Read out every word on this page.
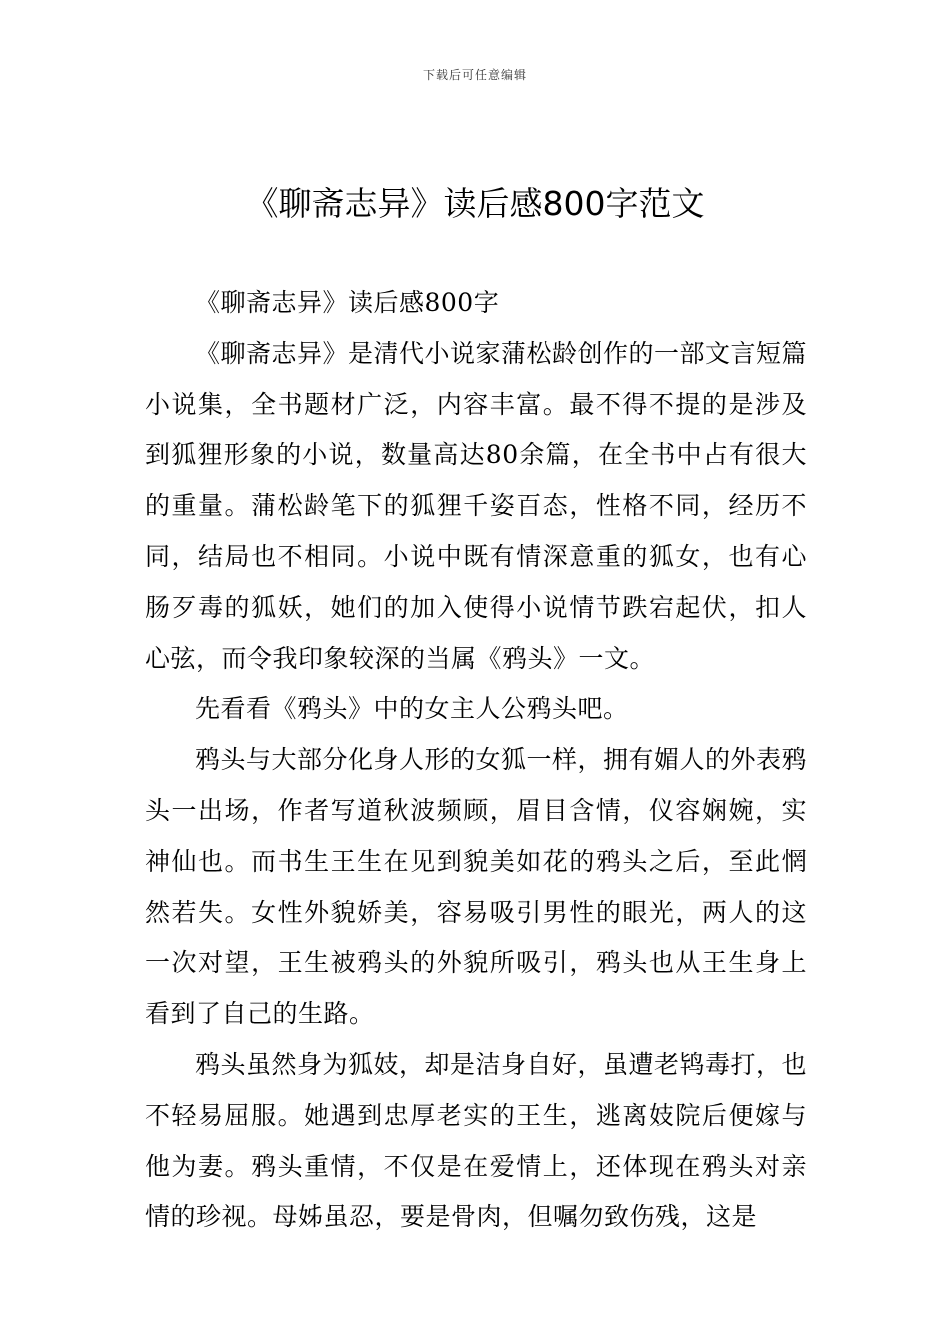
下载后可任意编辑
《聊斋志异》读后感800字范文

《聊斋志异》读后感800字

《聊斋志异》是清代小说家蒲松龄创作的一部文言短篇小说集，全书题材广泛，内容丰富。最不得不提的是涉及到狐狸形象的小说，数量高达80余篇，在全书中占有很大的重量。蒲松龄笔下的狐狸千姿百态，性格不同，经历不同，结局也不相同。小说中既有情深意重的狐女，也有心肠歹毒的狐妖，她们的加入使得小说情节跌宕起伏，扣人心弦，而令我印象较深的当属《鸦头》一文。

先看看《鸦头》中的女主人公鸦头吧。

鸦头与大部分化身人形的女狐一样，拥有媚人的外表鸦头一出场，作者写道秋波频顾，眉目含情，仪容娴婉，实神仙也。而书生王生在见到貌美如花的鸦头之后，至此惘然若失。女性外貌娇美，容易吸引男性的眼光，两人的这一次对望，王生被鸦头的外貌所吸引，鸦头也从王生身上看到了自己的生路。

鸦头虽然身为狐妓，却是洁身自好，虽遭老鸨毒打，也不轻易屈服。她遇到忠厚老实的王生，逃离妓院后便嫁与他为妻。鸦头重情，不仅是在爱情上，还体现在鸦头对亲情的珍视。母姊虽忍，要是骨肉，但嘱勿致伤残，这是
